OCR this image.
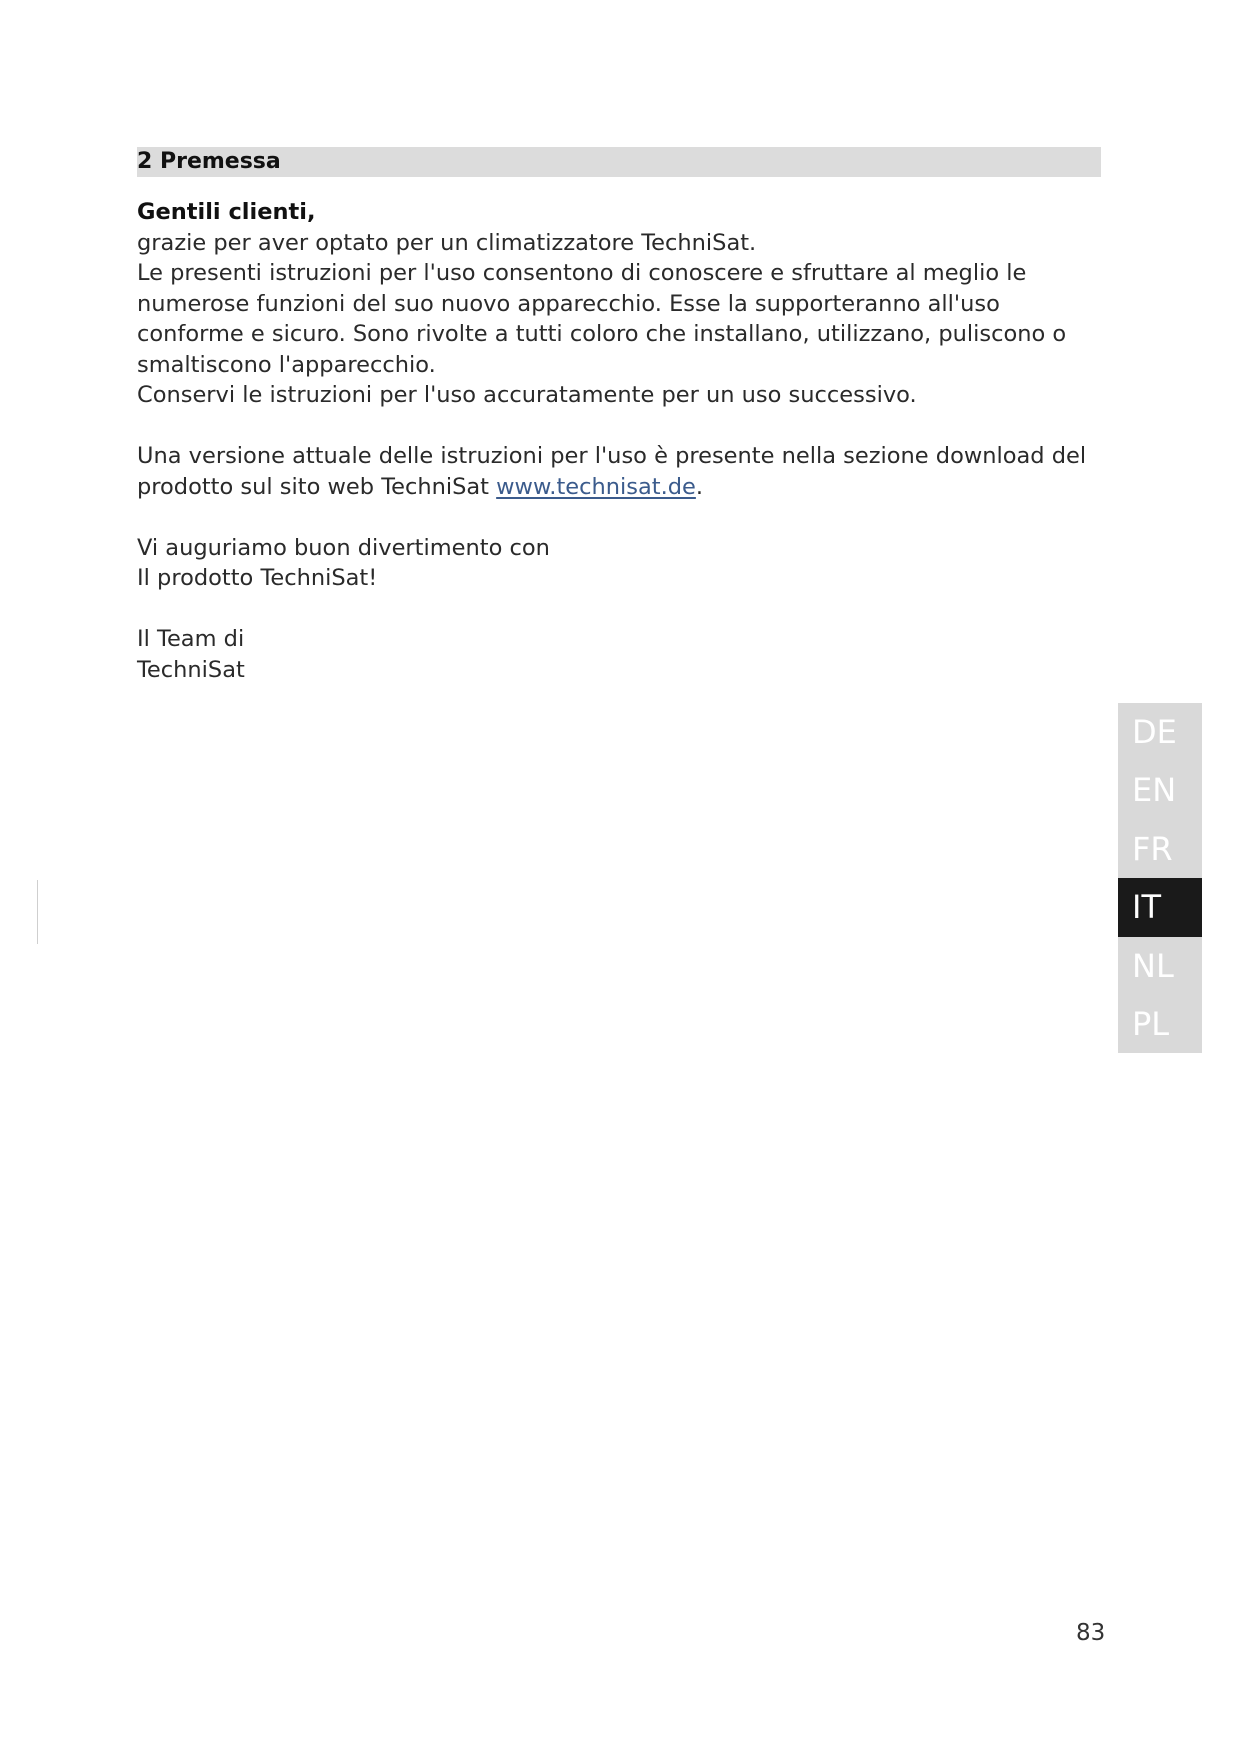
2 Premessa

Gentili clienti,

grazie per aver optato per un climatizzatore TechniSat.

Le presenti istruzioni per l'uso consentono di conoscere e sfruttare al meglio le

numerose funzioni del suo nuovo apparecchio. Esse la supporteranno all'uso

conforme e sicuro. Sono rivolte a tutti coloro che installano, utilizzano, puliscono o

smaltiscono l'apparecchio.

Conservi le istruzioni per l'uso accuratamente per un uso successivo.

Una versione attuale delle istruzioni per l'uso è presente nella sezione download del

prodotto sul sito web TechniSat www.technisat.de.

Vi auguriamo buon divertimento con

Il prodotto TechniSat!

Il Team di

TechniSat

DE
EN
FR
IT
NL
PL
83
